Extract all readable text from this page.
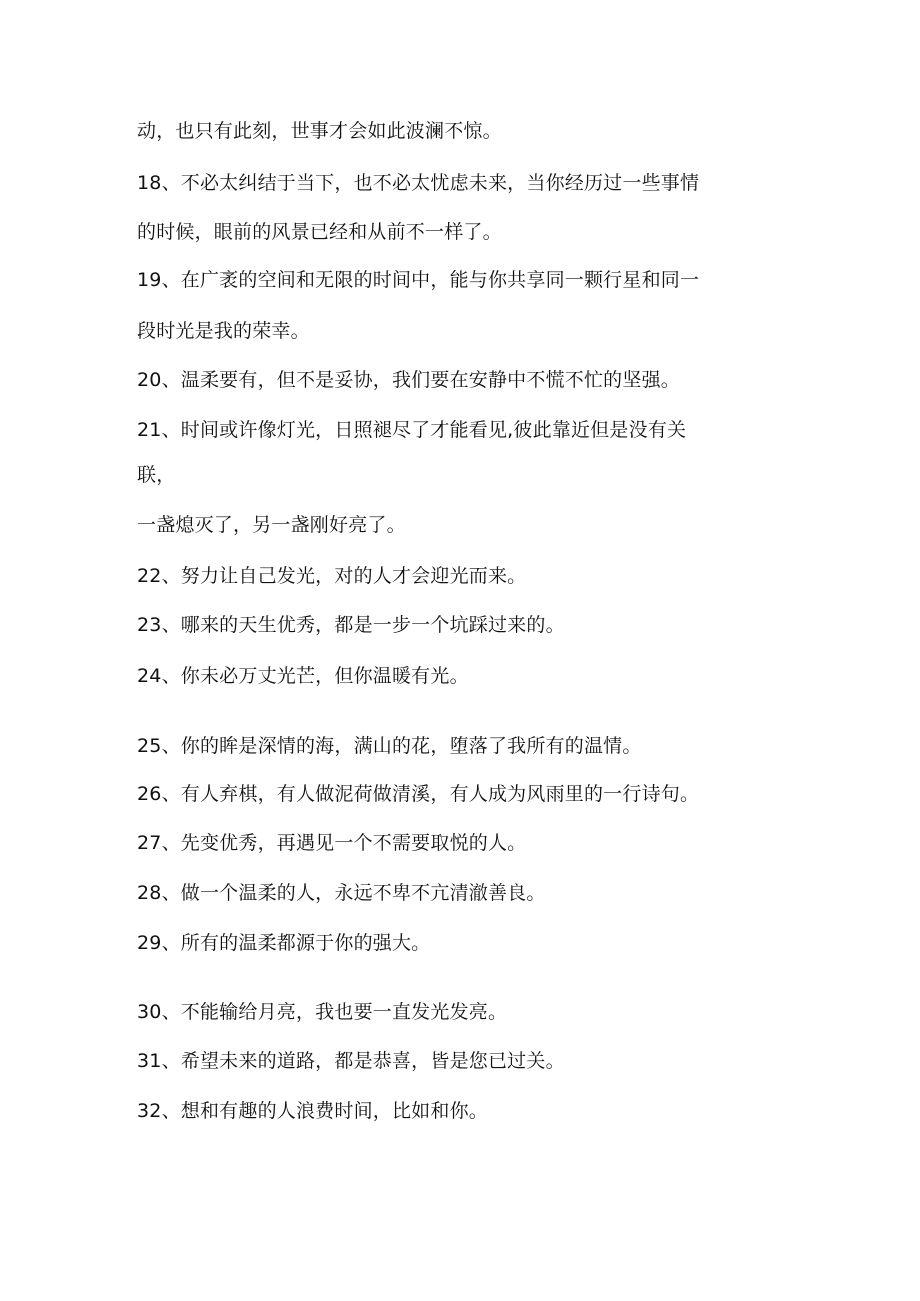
动，也只有此刻，世事才会如此波澜不惊。
18、不必太纠结于当下，也不必太忧虑未来，当你经历过一些事情
的时候，眼前的风景已经和从前不一样了。
19、在广袤的空间和无限的时间中，能与你共享同一颗行星和同一
段时光是我的荣幸。
20、温柔要有，但不是妥协，我们要在安静中不慌不忙的坚强。
21、时间或许像灯光，日照褪尽了才能看见,彼此靠近但是没有关
联，
一盏熄灭了，另一盏刚好亮了。
22、努力让自己发光，对的人才会迎光而来。
23、哪来的天生优秀，都是一步一个坑踩过来的。
24、你未必万丈光芒，但你温暖有光。
25、你的眸是深情的海，满山的花，堕落了我所有的温情。
26、有人弃棋，有人做泥荷做清溪，有人成为风雨里的一行诗句。
27、先变优秀，再遇见一个不需要取悦的人。
28、做一个温柔的人，永远不卑不亢清澈善良。
29、所有的温柔都源于你的强大。
30、不能输给月亮，我也要一直发光发亮。
31、希望未来的道路，都是恭喜，皆是您已过关。
32、想和有趣的人浪费时间，比如和你。
